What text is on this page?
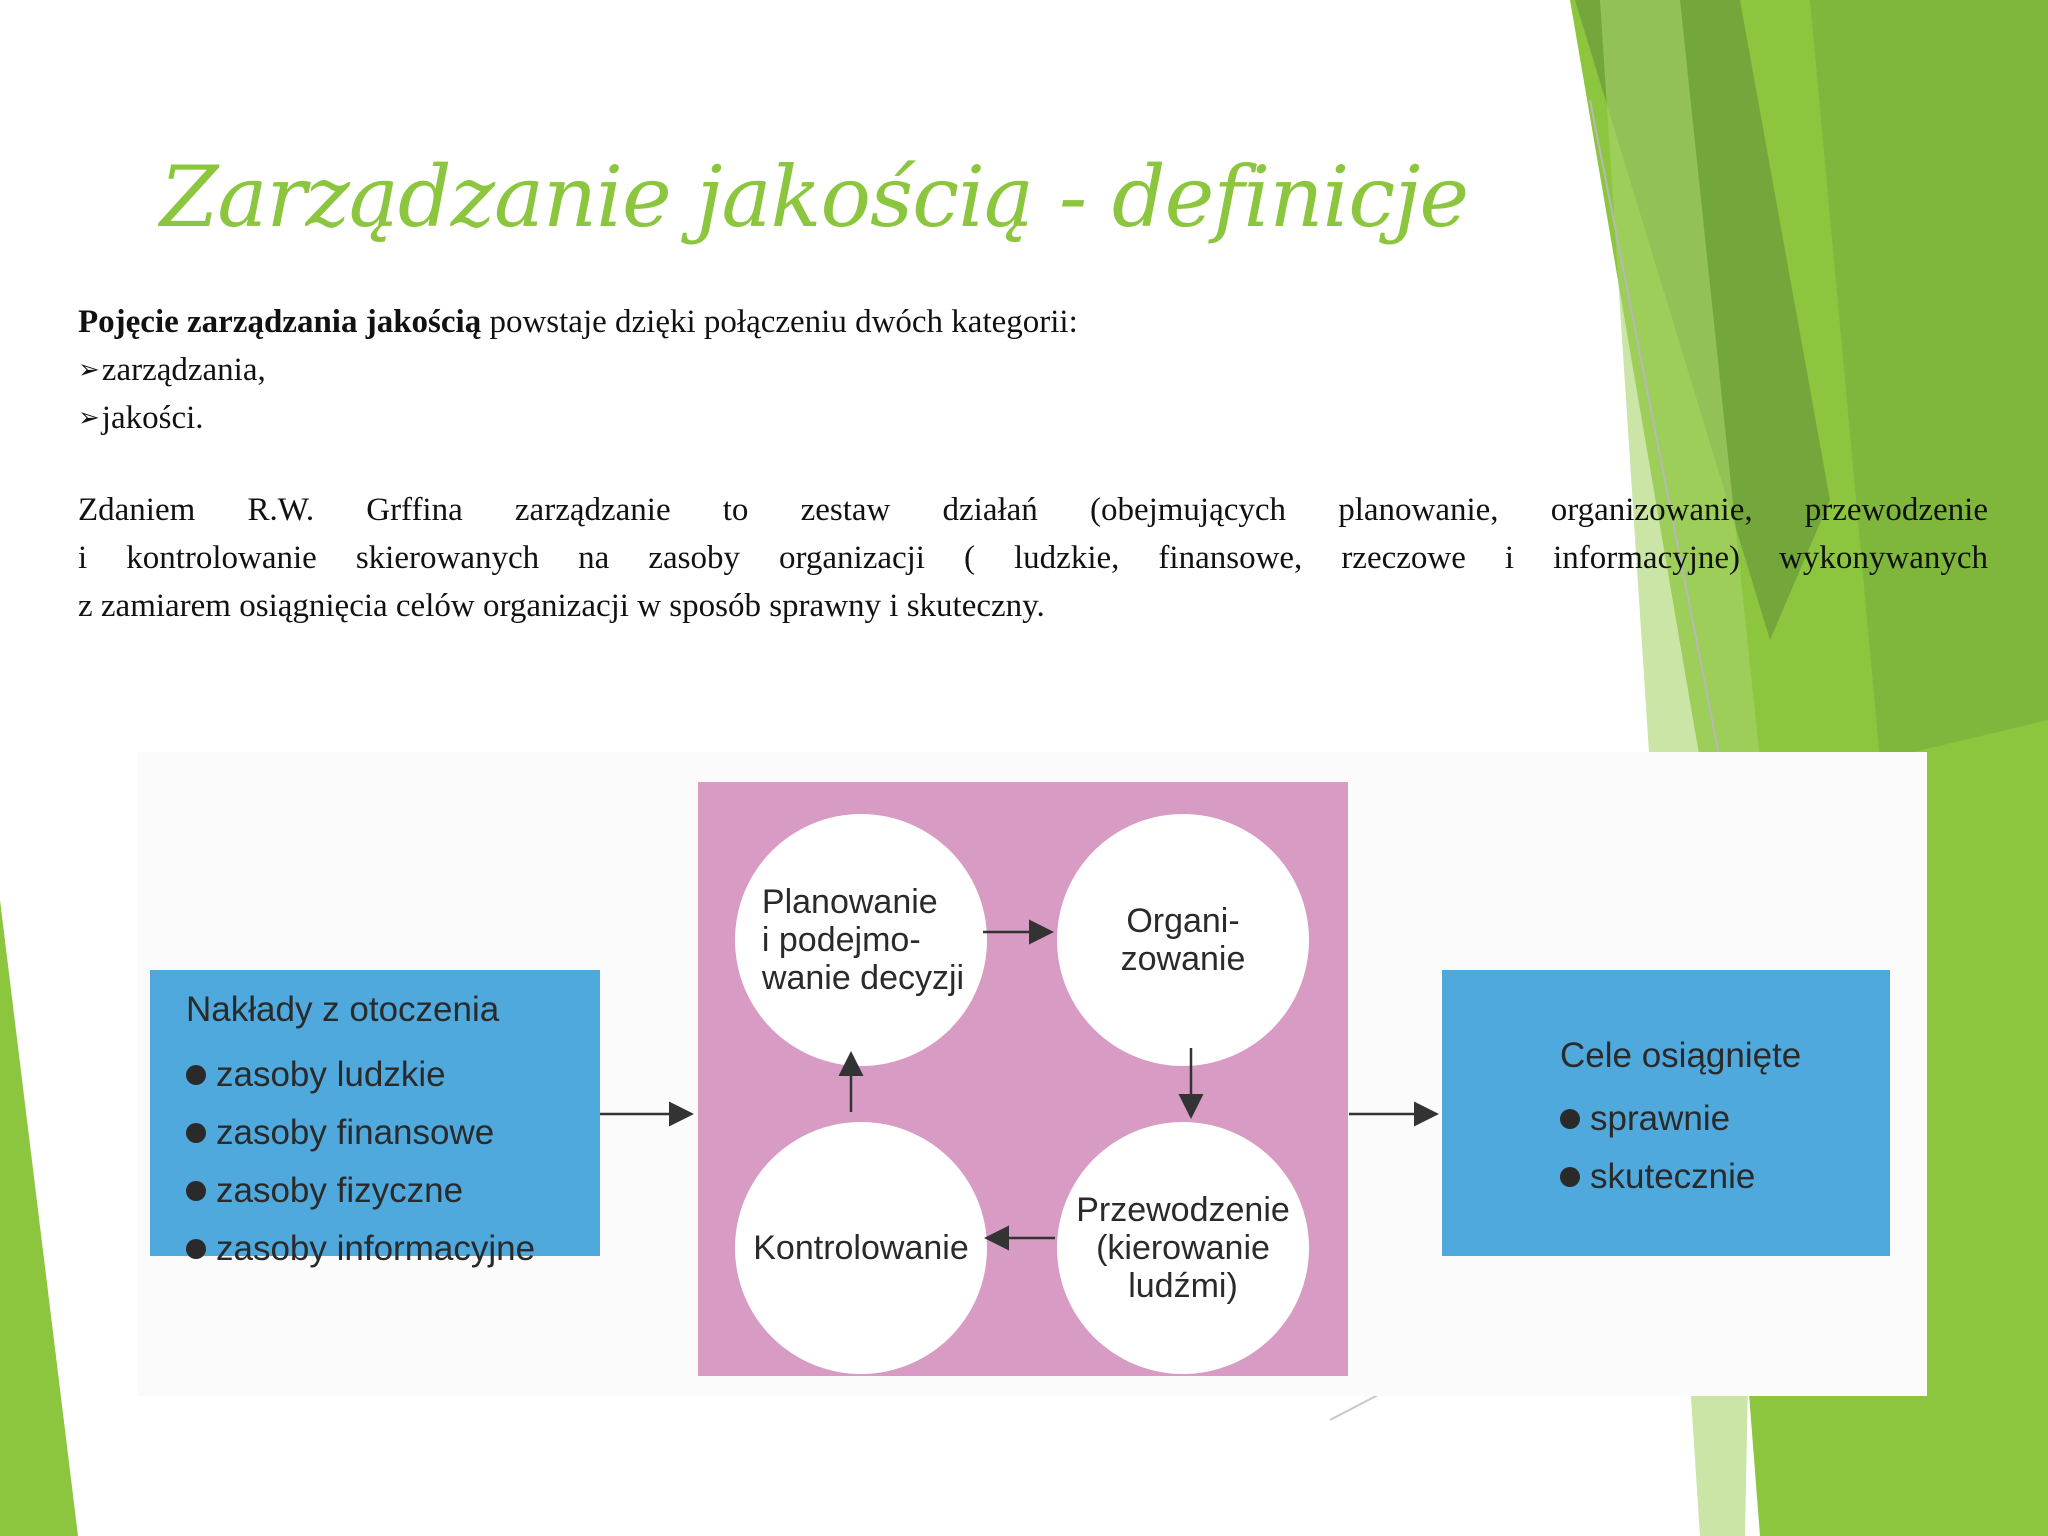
Zarządzanie jakością - definicje
Pojęcie zarządzania jakością powstaje dzięki połączeniu dwóch kategorii:
➢ zarządzania,
➢ jakości.
Zdaniem R.W. Grffina zarządzanie to zestaw działań (obejmujących planowanie, organizowanie, przewodzenie
i kontrolowanie skierowanych na zasoby organizacji ( ludzkie, finansowe, rzeczowe i informacyjne) wykonywanych
z zamiarem osiągnięcia celów organizacji w sposób sprawny i skuteczny.
Nakłady z otoczenia
zasoby ludzkie
zasoby finansowe
zasoby fizyczne
zasoby informacyjne
Cele osiągnięte
sprawnie
skutecznie
Planowanie
i podejmo-
wanie decyzji
Organi-
zowanie
Kontrolowanie
Przewodzenie
(kierowanie
ludźmi)
